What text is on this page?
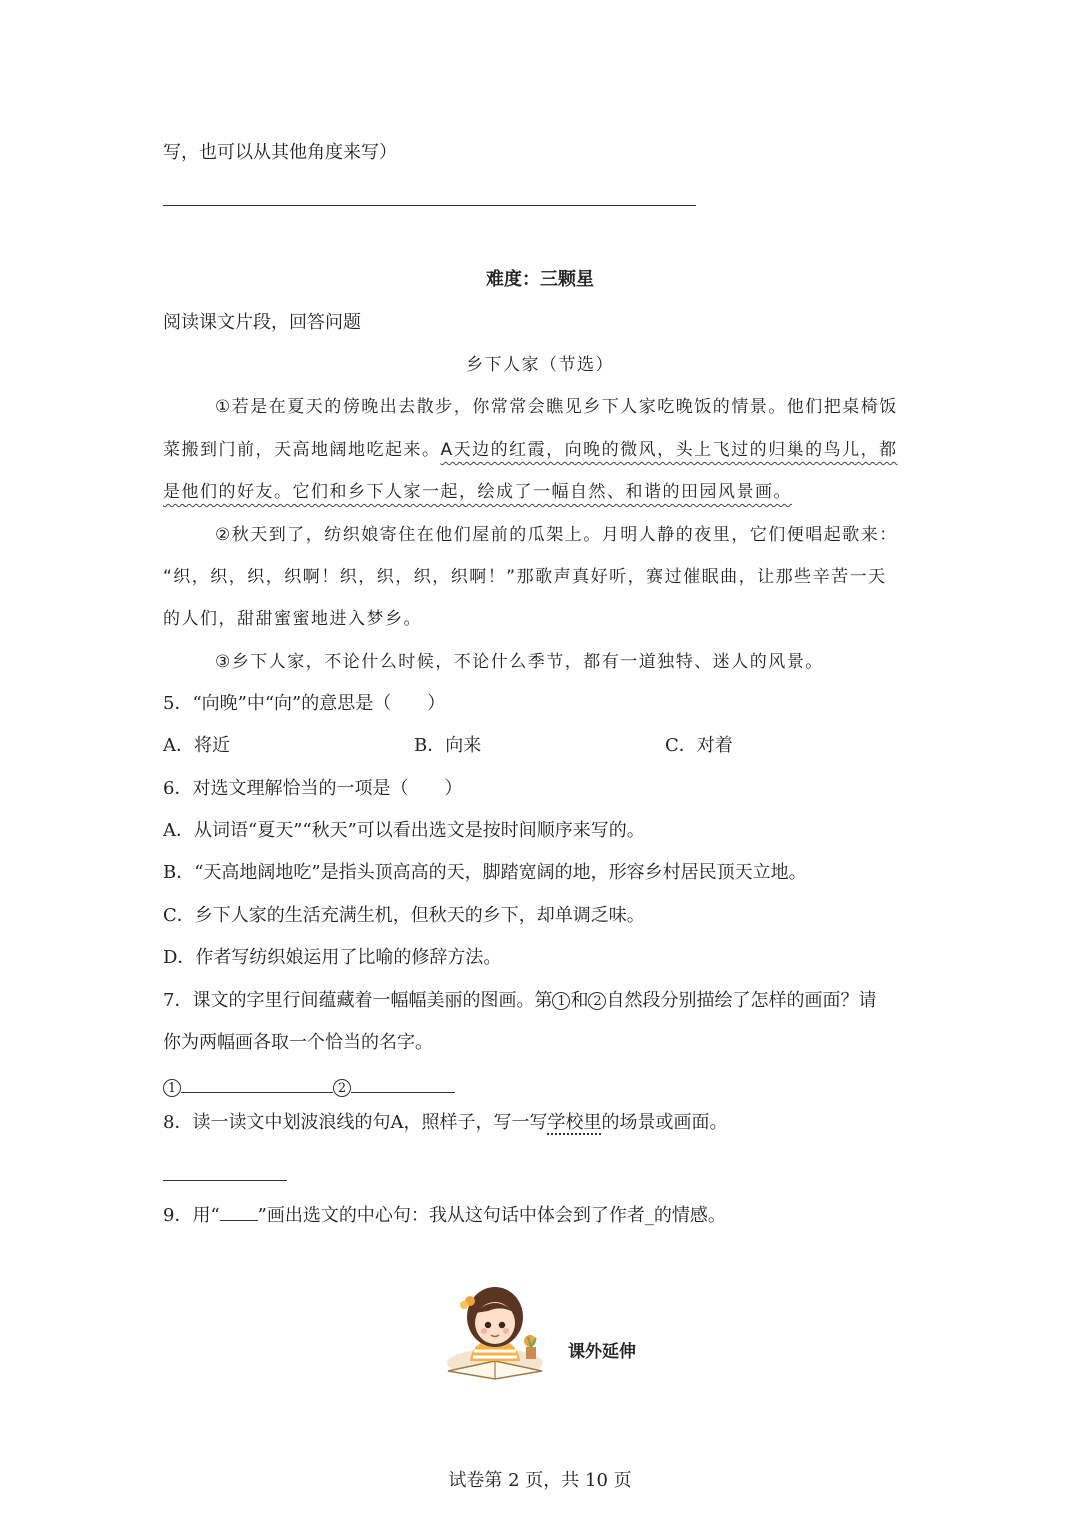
写，也可以从其他角度来写）
难度：三颗星
阅读课文片段，回答问题
乡下人家（节选）
①若是在夏天的傍晚出去散步，你常常会瞧见乡下人家吃晚饭的情景。他们把桌椅饭
菜搬到门前，天高地阔地吃起来。A天边的红霞，向晚的微风，头上飞过的归巢的鸟儿，都
是他们的好友。它们和乡下人家一起，绘成了一幅自然、和谐的田园风景画。
②秋天到了，纺织娘寄住在他们屋前的瓜架上。月明人静的夜里，它们便唱起歌来：
“织，织，织，织啊！织，织，织，织啊！”那歌声真好听，赛过催眠曲，让那些辛苦一天
的人们，甜甜蜜蜜地进入梦乡。
③乡下人家，不论什么时候，不论什么季节，都有一道独特、迷人的风景。
5．“向晚”中“向”的意思是（　　）
A．将近	B．向来	C．对着
6．对选文理解恰当的一项是（　　）
A．从词语“夏天”“秋天”可以看出选文是按时间顺序来写的。
B．“天高地阔地吃”是指头顶高高的天，脚踏宽阔的地，形容乡村居民顶天立地。
C．乡下人家的生活充满生机，但秋天的乡下，却单调乏味。
D．作者写纺织娘运用了比喻的修辞方法。
7．课文的字里行间蕴藏着一幅幅美丽的图画。第 1 和 2 自然段分别描绘了怎样的画面？请
你为两幅画各取一个恰当的名字。
1	2
8．读一读文中划波浪线的句A，照样子，写一写学校里的场景或画面。
9．用“ ”画出选文的中心句：我从这句话中体会到了作者_的情感。
课外延伸
试卷第 2 页，共 10 页
